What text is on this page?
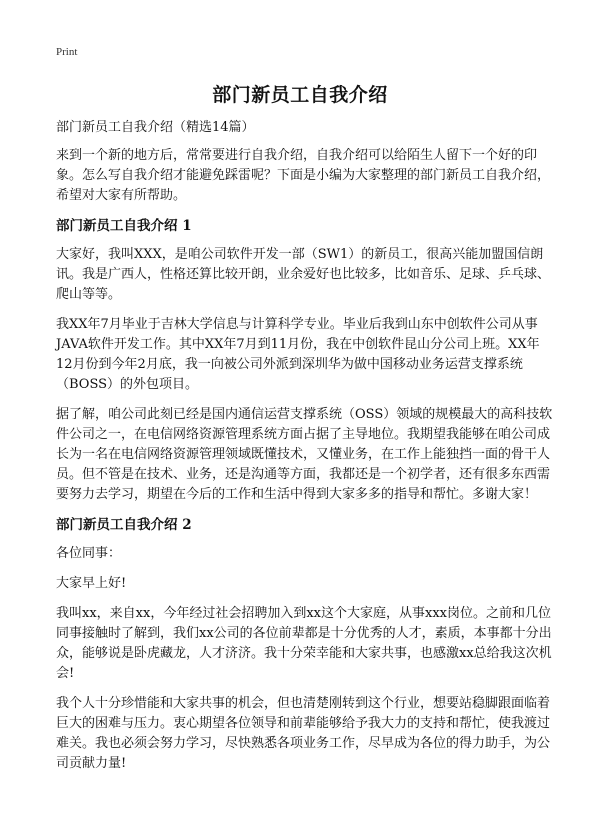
Print
部门新员工自我介绍

部门新员工自我介绍（精选14篇）

来到一个新的地方后，常常要进行自我介绍，自我介绍可以给陌生人留下一个好的印象。怎么写自我介绍才能避免踩雷呢？下面是小编为大家整理的部门新员工自我介绍，希望对大家有所帮助。

部门新员工自我介绍 1

大家好，我叫XXX，是咱公司软件开发一部（SW1）的新员工，很高兴能加盟国信朗讯。我是广西人，性格还算比较开朗，业余爱好也比较多，比如音乐、足球、乒乓球、爬山等等。

我XX年7月毕业于吉林大学信息与计算科学专业。毕业后我到山东中创软件公司从事JAVA软件开发工作。其中XX年7月到11月份，我在中创软件昆山分公司上班。XX年12月份到今年2月底，我一向被公司外派到深圳华为做中国移动业务运营支撑系统（BOSS）的外包项目。

据了解，咱公司此刻已经是国内通信运营支撑系统（OSS）领域的规模最大的高科技软件公司之一，在电信网络资源管理系统方面占据了主导地位。我期望我能够在咱公司成长为一名在电信网络资源管理领域既懂技术，又懂业务，在工作上能独挡一面的骨干人员。但不管是在技术、业务，还是沟通等方面，我都还是一个初学者，还有很多东西需要努力去学习，期望在今后的工作和生活中得到大家多多的指导和帮忙。多谢大家！

部门新员工自我介绍 2

各位同事：

大家早上好!

我叫xx，来自xx，今年经过社会招聘加入到xx这个大家庭，从事xxx岗位。之前和几位同事接触时了解到，我们xx公司的各位前辈都是十分优秀的人才，素质，本事都十分出众，能够说是卧虎藏龙，人才济济。我十分荣幸能和大家共事，也感激xx总给我这次机会!

我个人十分珍惜能和大家共事的机会，但也清楚刚转到这个行业，想要站稳脚跟面临着巨大的困难与压力。衷心期望各位领导和前辈能够给予我大力的支持和帮忙，使我渡过难关。我也必须会努力学习，尽快熟悉各项业务工作，尽早成为各位的得力助手，为公司贡献力量!
